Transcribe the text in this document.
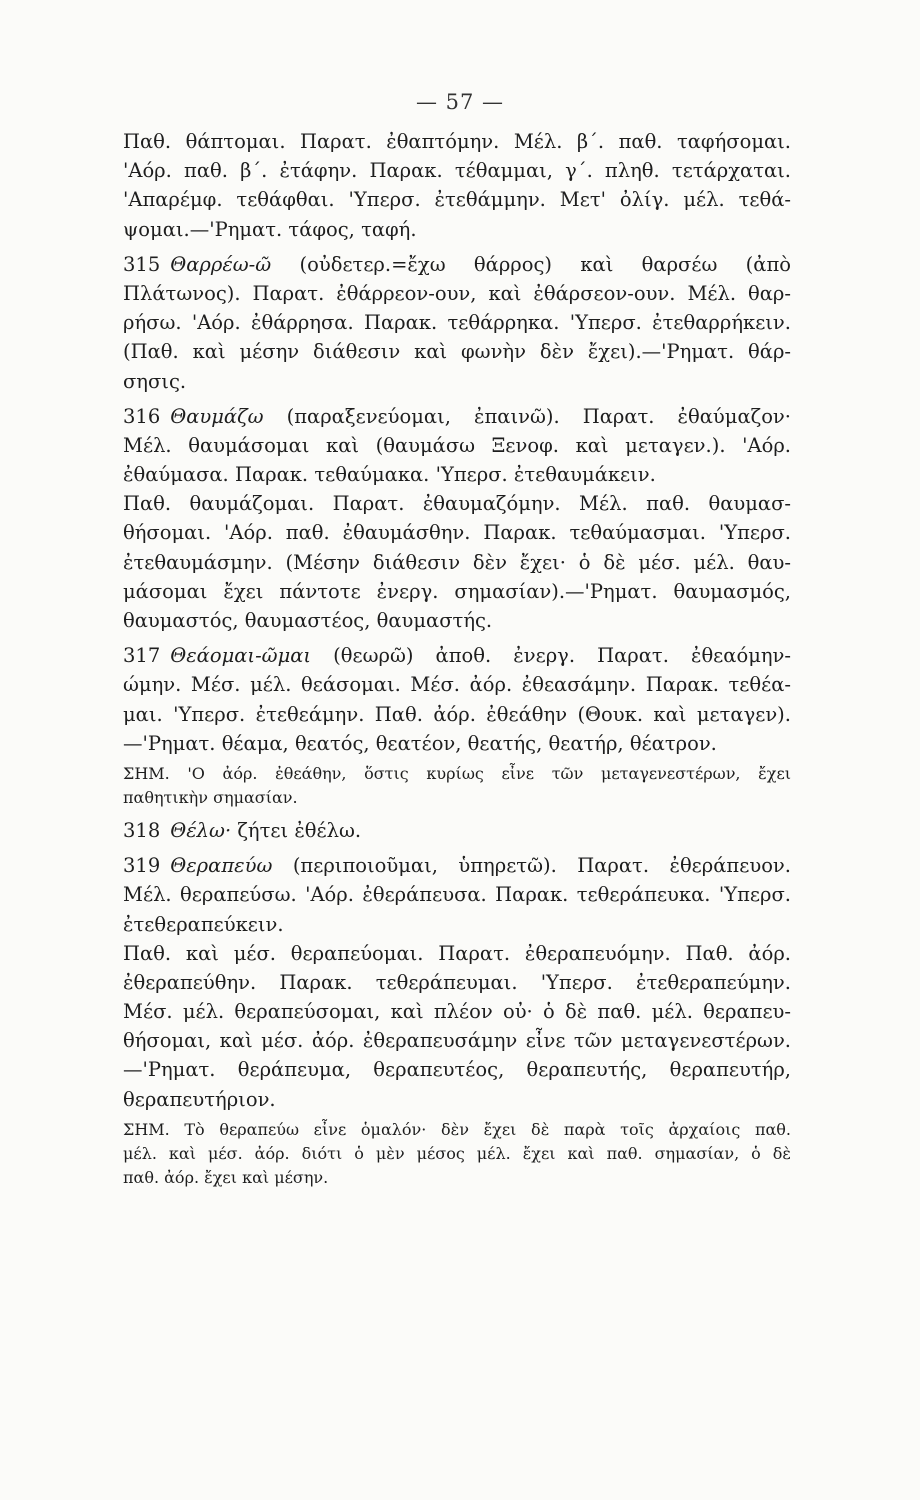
— 57 —
Παθ. θάπτομαι. Παρατ. ἐθαπτόμην. Μέλ. β΄. παθ. ταφήσομαι.
'Αόρ. παθ. β΄. ἐτάφην. Παρακ. τέθαμμαι, γ΄. πληθ. τετάρχαται.
'Απαρέμφ. τεθάφθαι. 'Υπερσ. ἐτεθάμμην. Μετ' ὀλίγ. μέλ. τεθά-
ψομαι.—'Ρηματ. τάφος, ταφή.
315 Θαρρέω-ῶ (οὐδετερ.=ἔχω θάρρος) καὶ θαρσέω (ἀπὸ
Πλάτωνος). Παρατ. ἐθάρρεον-ουν, καὶ ἐθάρσεον-ουν. Μέλ. θαρ-
ρήσω. 'Αόρ. ἐθάρρησα. Παρακ. τεθάρρηκα. 'Υπερσ. ἐτεθαρρήκειν.
(Παθ. καὶ μέσην διάθεσιν καὶ φωνὴν δὲν ἔχει).—'Ρηματ. θάρ-
σησις.
316 Θαυμάζω (παραξενεύομαι, ἐπαινῶ). Παρατ. ἐθαύμαζον·
Μέλ. θαυμάσομαι καὶ (θαυμάσω Ξενοφ. καὶ μεταγεν.). 'Αόρ.
ἐθαύμασα. Παρακ. τεθαύμακα. 'Υπερσ. ἐτεθαυμάκειν.
Παθ. θαυμάζομαι. Παρατ. ἐθαυμαζόμην. Μέλ. παθ. θαυμασ-
θήσομαι. 'Αόρ. παθ. ἐθαυμάσθην. Παρακ. τεθαύμασμαι. 'Υπερσ.
ἐτεθαυμάσμην. (Μέσην διάθεσιν δὲν ἔχει· ὁ δὲ μέσ. μέλ. θαυ-
μάσομαι ἔχει πάντοτε ἐνεργ. σημασίαν).—'Ρηματ. θαυμασμός,
θαυμαστός, θαυμαστέος, θαυμαστής.
317 Θεάομαι-ῶμαι (θεωρῶ) ἀποθ. ἐνεργ. Παρατ. ἐθεαόμην-
ώμην. Μέσ. μέλ. θεάσομαι. Μέσ. ἀόρ. ἐθεασάμην. Παρακ. τεθέα-
μαι. 'Υπερσ. ἐτεθεάμην. Παθ. ἀόρ. ἐθεάθην (Θουκ. καὶ μεταγεν).
—'Ρηματ. θέαμα, θεατός, θεατέον, θεατής, θεατήρ, θέατρον.
ΣΗΜ. 'Ο ἀόρ. ἐθεάθην, ὅστις κυρίως εἶνε τῶν μεταγενεστέρων, ἔχει
παθητικὴν σημασίαν.
318 Θέλω· ζήτει ἐθέλω.
319 Θεραπεύω (περιποιοῦμαι, ὑπηρετῶ). Παρατ. ἐθεράπευον.
Μέλ. θεραπεύσω. 'Αόρ. ἐθεράπευσα. Παρακ. τεθεράπευκα. 'Υπερσ.
ἐτεθεραπεύκειν.
Παθ. καὶ μέσ. θεραπεύομαι. Παρατ. ἐθεραπευόμην. Παθ. ἀόρ.
ἐθεραπεύθην. Παρακ. τεθεράπευμαι. 'Υπερσ. ἐτεθεραπεύμην.
Μέσ. μέλ. θεραπεύσομαι, καὶ πλέον οὐ· ὁ δὲ παθ. μέλ. θεραπευ-
θήσομαι, καὶ μέσ. ἀόρ. ἐθεραπευσάμην εἶνε τῶν μεταγενεστέρων.
—'Ρηματ. θεράπευμα, θεραπευτέος, θεραπευτής, θεραπευτήρ,
θεραπευτήριον.
ΣΗΜ. Τὸ θεραπεύω εἶνε ὁμαλόν· δὲν ἔχει δὲ παρὰ τοῖς ἀρχαίοις παθ.
μέλ. καὶ μέσ. ἀόρ. διότι ὁ μὲν μέσος μέλ. ἔχει καὶ παθ. σημασίαν, ὁ δὲ
παθ. ἀόρ. ἔχει καὶ μέσην.
